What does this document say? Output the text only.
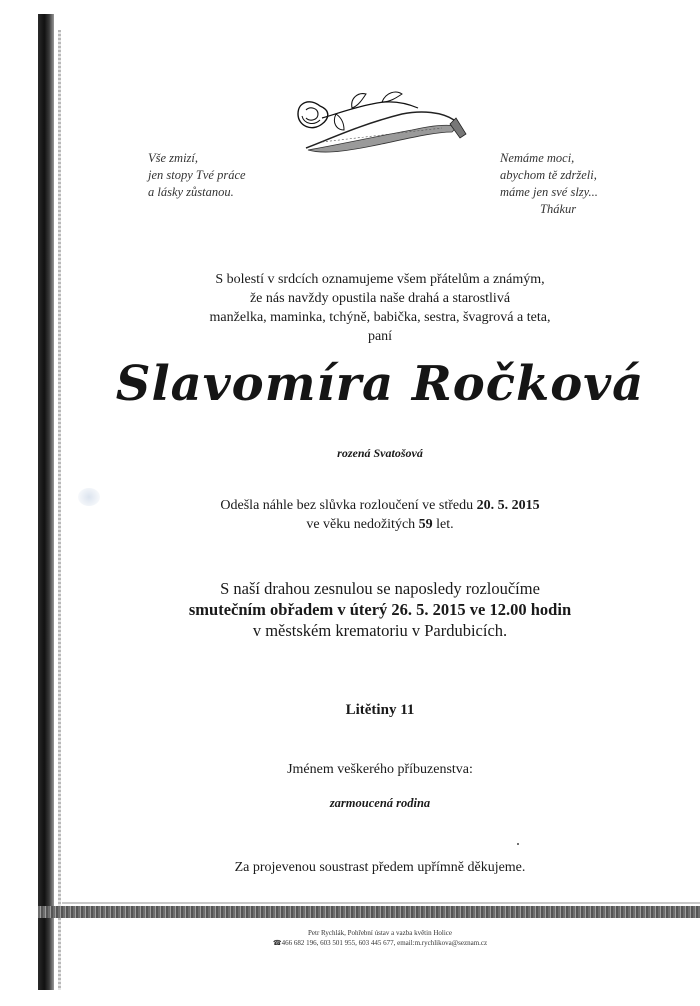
Vše zmizí,
jen stopy Tvé práce
a lásky zůstanou.
Nemáme moci,
abychom tě zdrželi,
máme jen své slzy...

Thákur
S bolestí v srdcích oznamujeme všem přátelům a známým,
že nás navždy opustila naše drahá a starostlivá
manželka, maminka, tchýně, babička, sestra, švagrová a teta,
paní
Slavomíra Ročková
rozená Svatošová
Odešla náhle bez slůvka rozloučení ve středu 20. 5. 2015
ve věku nedožitých 59 let.
S naší drahou zesnulou se naposledy rozloučíme
smutečním obřadem v úterý 26. 5. 2015 ve 12.00 hodin
v městském krematoriu v Pardubicích.
Litětiny 11
Jménem veškerého příbuzenstva:
zarmoucená rodina
Za projevenou soustrast předem upřímně děkujeme.
Petr Rychlák, Pohřební ústav a vazba květin Holice
☎466 682 196, 603 501 955, 603 445 677, email:m.rychlikova@seznam.cz
